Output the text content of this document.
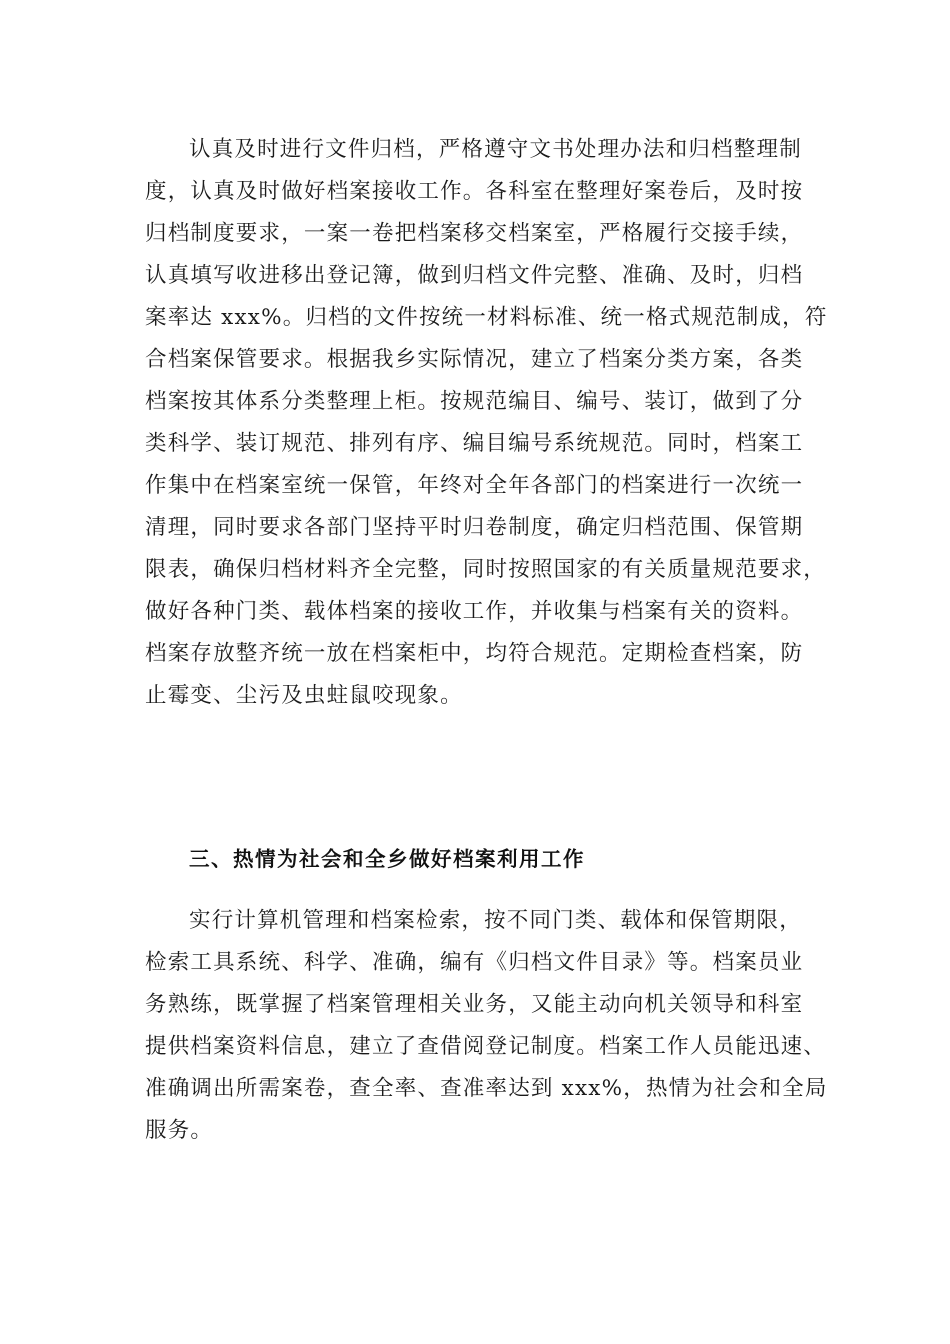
认真及时进行文件归档，严格遵守文书处理办法和归档整理制
度，认真及时做好档案接收工作。各科室在整理好案卷后，及时按
归档制度要求，一案一卷把档案移交档案室，严格履行交接手续，
认真填写收进移出登记簿，做到归档文件完整、准确、及时，归档
案率达 xxx%。归档的文件按统一材料标准、统一格式规范制成，符
合档案保管要求。根据我乡实际情况，建立了档案分类方案，各类
档案按其体系分类整理上柜。按规范编目、编号、装订，做到了分
类科学、装订规范、排列有序、编目编号系统规范。同时，档案工
作集中在档案室统一保管，年终对全年各部门的档案进行一次统一
清理，同时要求各部门坚持平时归卷制度，确定归档范围、保管期
限表，确保归档材料齐全完整，同时按照国家的有关质量规范要求，
做好各种门类、载体档案的接收工作，并收集与档案有关的资料。
档案存放整齐统一放在档案柜中，均符合规范。定期检查档案，防
止霉变、尘污及虫蛀鼠咬现象。
三、热情为社会和全乡做好档案利用工作
实行计算机管理和档案检索，按不同门类、载体和保管期限，
检索工具系统、科学、准确，编有《归档文件目录》等。档案员业
务熟练，既掌握了档案管理相关业务，又能主动向机关领导和科室
提供档案资料信息，建立了查借阅登记制度。档案工作人员能迅速、
准确调出所需案卷，查全率、查准率达到 xxx%，热情为社会和全局
服务。
